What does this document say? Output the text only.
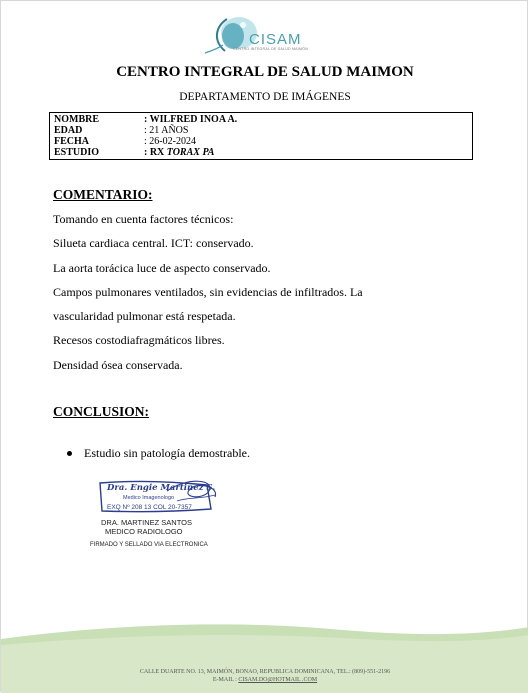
CISAM
CENTRO INTEGRAL DE SALUD MAIMÓN
CENTRO INTEGRAL DE SALUD MAIMON
DEPARTAMENTO DE IMÁGENES
NOMBRE	: WILFRED INOA A.
EDAD	: 21 AÑOS
FECHA	: 26-02-2024
ESTUDIO	: RX TORAX PA
COMENTARIO:
Tomando en cuenta factores técnicos:
Silueta cardiaca central. ICT: conservado.
La aorta torácica luce de aspecto conservado.
Campos pulmonares ventilados, sin evidencias de infiltrados. La
vascularidad pulmonar está respetada.
Recesos costodiafragmáticos libres.
Densidad ósea conservada.
CONCLUSION:
Estudio sin patología demostrable.
Dra. Engie Martinez S.
Medico Imagenologo
EXQ Nº 208 13 COL 20-7357
DRA. MARTINEZ SANTOS
MEDICO RADIOLOGO
FIRMADO Y SELLADO VIA ELECTRONICA
CALLE DUARTE NO. 13, MAIMÓN, BONAO, REPUBLICA DOMINICANA, TEL.: (809)-551-2196
E-MAIL : CISAM.DO@HOTMAIL .COM
